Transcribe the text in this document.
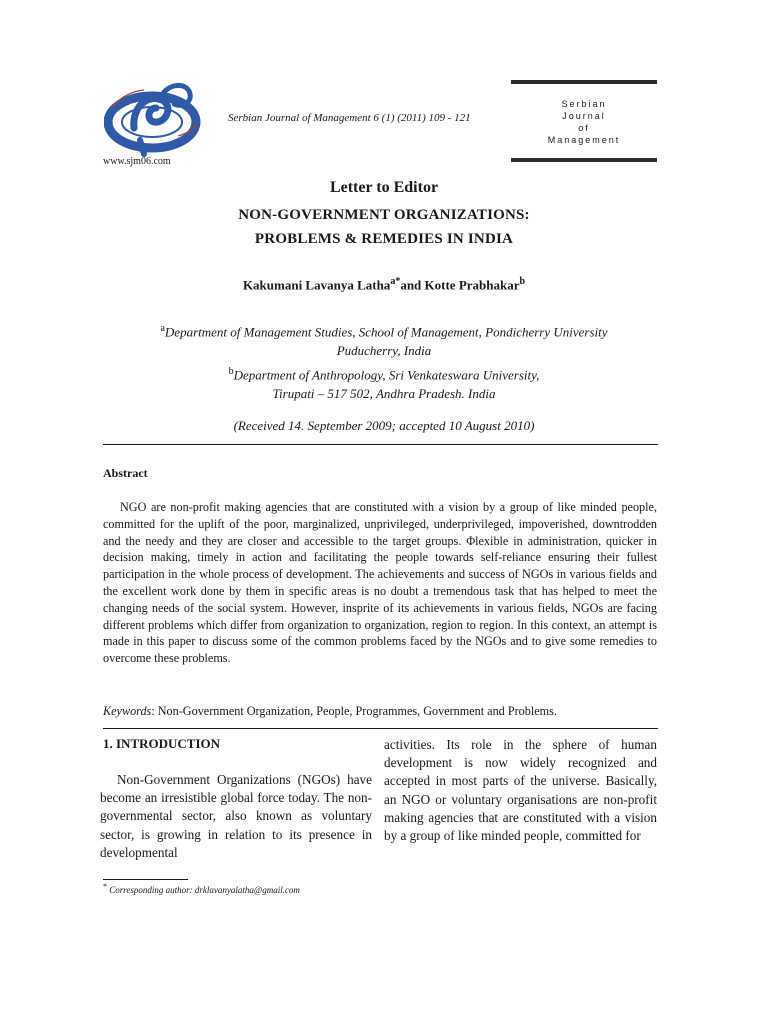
www.sjm06.com
Serbian Journal of Management 6 (1) (2011) 109 - 121
Serbian
Journal
of
Management
Letter to Editor
NON-GOVERNMENT ORGANIZATIONS:
PROBLEMS & REMEDIES IN INDIA
Kakumani Lavanya Latha$^{a*}$and Kotte Prabhakar$^b$
$^a$Department of Management Studies, School of Management, Pondicherry University
Puducherry, India
$^b$Department of Anthropology, Sri Venkateswara University,
Tirupati – 517 502, Andhra Pradesh. India
(Received 14. September 2009; accepted 10 August 2010)
Abstract
NGO are non-profit making agencies that are constituted with a vision by a group of like minded people, committed for the uplift of the poor, marginalized, unprivileged, underprivileged, impoverished, downtrodden and the needy and they are closer and accessible to the target groups. Φlexible in administration, quicker in decision making, timely in action and facilitating the people towards self-reliance ensuring their fullest participation in the whole process of development. The achievements and success of NGOs in various fields and the excellent work done by them in specific areas is no doubt a tremendous task that has helped to meet the changing needs of the social system. However, insprite of its achievements in various fields, NGOs are facing different problems which differ from organization to organization, region to region. In this context, an attempt is made in this paper to discuss some of the common problems faced by the NGOs and to give some remedies to overcome these problems.
Keywords: Non-Government Organization, People, Programmes, Government and Problems.
1. INTRODUCTION
Non-Government Organizations (NGOs) have become an irresistible global force today. The non-governmental sector, also known as voluntary sector, is growing in relation to its presence in developmental
activities. Its role in the sphere of human development is now widely recognized and accepted in most parts of the universe. Basically, an NGO or voluntary organisations are non-profit making agencies that are constituted with a vision by a group of like minded people, committed for
* Corresponding author: drklavanyalatha@gmail.com
